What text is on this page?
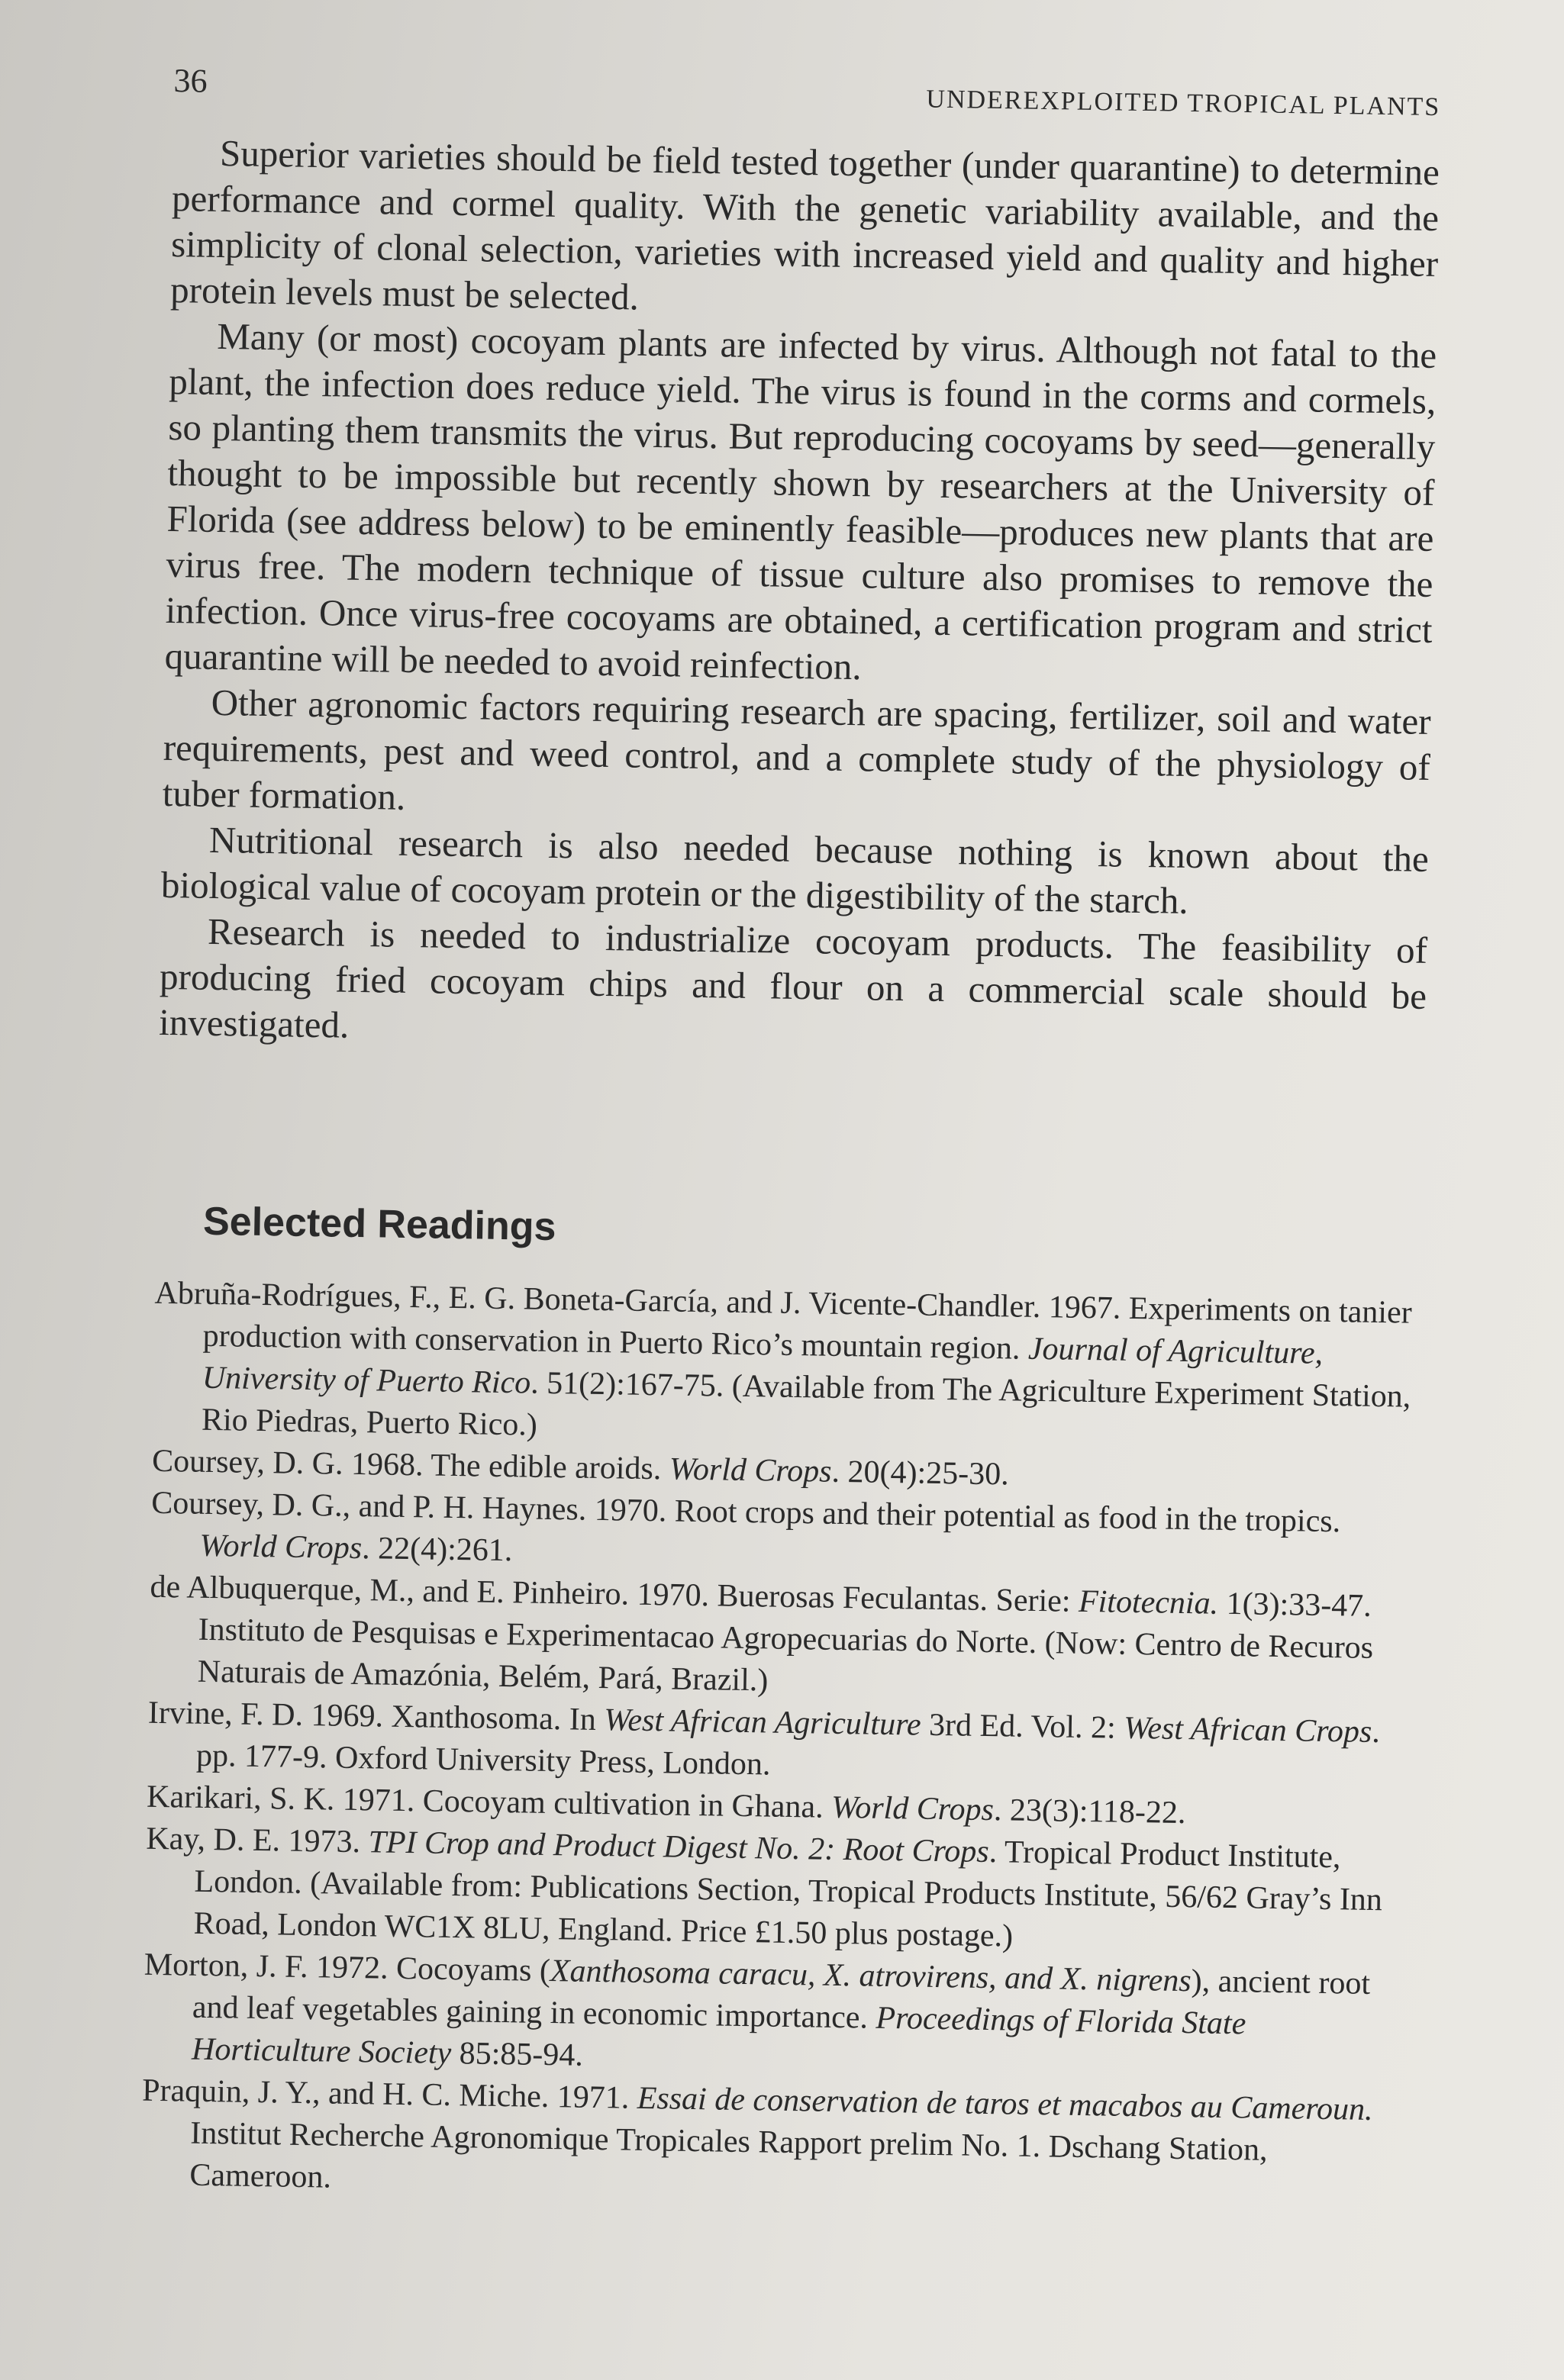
36
UNDEREXPLOITED TROPICAL PLANTS

Superior varieties should be field tested together (under quarantine) to determine performance and cormel quality. With the genetic variability available, and the simplicity of clonal selection, varieties with increased yield and quality and higher protein levels must be selected.

Many (or most) cocoyam plants are infected by virus. Although not fatal to the plant, the infection does reduce yield. The virus is found in the corms and cormels, so planting them transmits the virus. But reproducing cocoyams by seed—generally thought to be impossible but recently shown by researchers at the University of Florida (see address below) to be eminently feasible—produces new plants that are virus free. The modern technique of tissue culture also promises to remove the infection. Once virus-free cocoyams are obtained, a certification program and strict quarantine will be needed to avoid reinfection.

Other agronomic factors requiring research are spacing, fertilizer, soil and water requirements, pest and weed control, and a complete study of the physiology of tuber formation.

Nutritional research is also needed because nothing is known about the biological value of cocoyam protein or the digestibility of the starch.

Research is needed to industrialize cocoyam products. The feasibility of producing fried cocoyam chips and flour on a commercial scale should be investigated.

Selected Readings

Abruña-Rodrígues, F., E. G. Boneta-García, and J. Vicente-Chandler. 1967. Experiments on tanier production with conservation in Puerto Rico’s mountain region. Journal of Agriculture, University of Puerto Rico. 51(2):167-75. (Available from The Agriculture Experiment Station, Rio Piedras, Puerto Rico.)

Coursey, D. G. 1968. The edible aroids. World Crops. 20(4):25-30.

Coursey, D. G., and P. H. Haynes. 1970. Root crops and their potential as food in the tropics. World Crops. 22(4):261.

de Albuquerque, M., and E. Pinheiro. 1970. Buerosas Feculantas. Serie: Fitotecnia. 1(3):33-47. Instituto de Pesquisas e Experimentacao Agropecuarias do Norte. (Now: Centro de Recuros Naturais de Amazónia, Belém, Pará, Brazil.)

Irvine, F. D. 1969. Xanthosoma. In West African Agriculture 3rd Ed. Vol. 2: West African Crops. pp. 177-9. Oxford University Press, London.

Karikari, S. K. 1971. Cocoyam cultivation in Ghana. World Crops. 23(3):118-22.

Kay, D. E. 1973. TPI Crop and Product Digest No. 2: Root Crops. Tropical Product Institute, London. (Available from: Publications Section, Tropical Products Institute, 56/62 Gray’s Inn Road, London WC1X 8LU, England. Price £1.50 plus postage.)

Morton, J. F. 1972. Cocoyams (Xanthosoma caracu, X. atrovirens, and X. nigrens), ancient root and leaf vegetables gaining in economic importance. Proceedings of Florida State Horticulture Society 85:85-94.

Praquin, J. Y., and H. C. Miche. 1971. Essai de conservation de taros et macabos au Cameroun. Institut Recherche Agronomique Tropicales Rapport prelim No. 1. Dschang Station, Cameroon.
